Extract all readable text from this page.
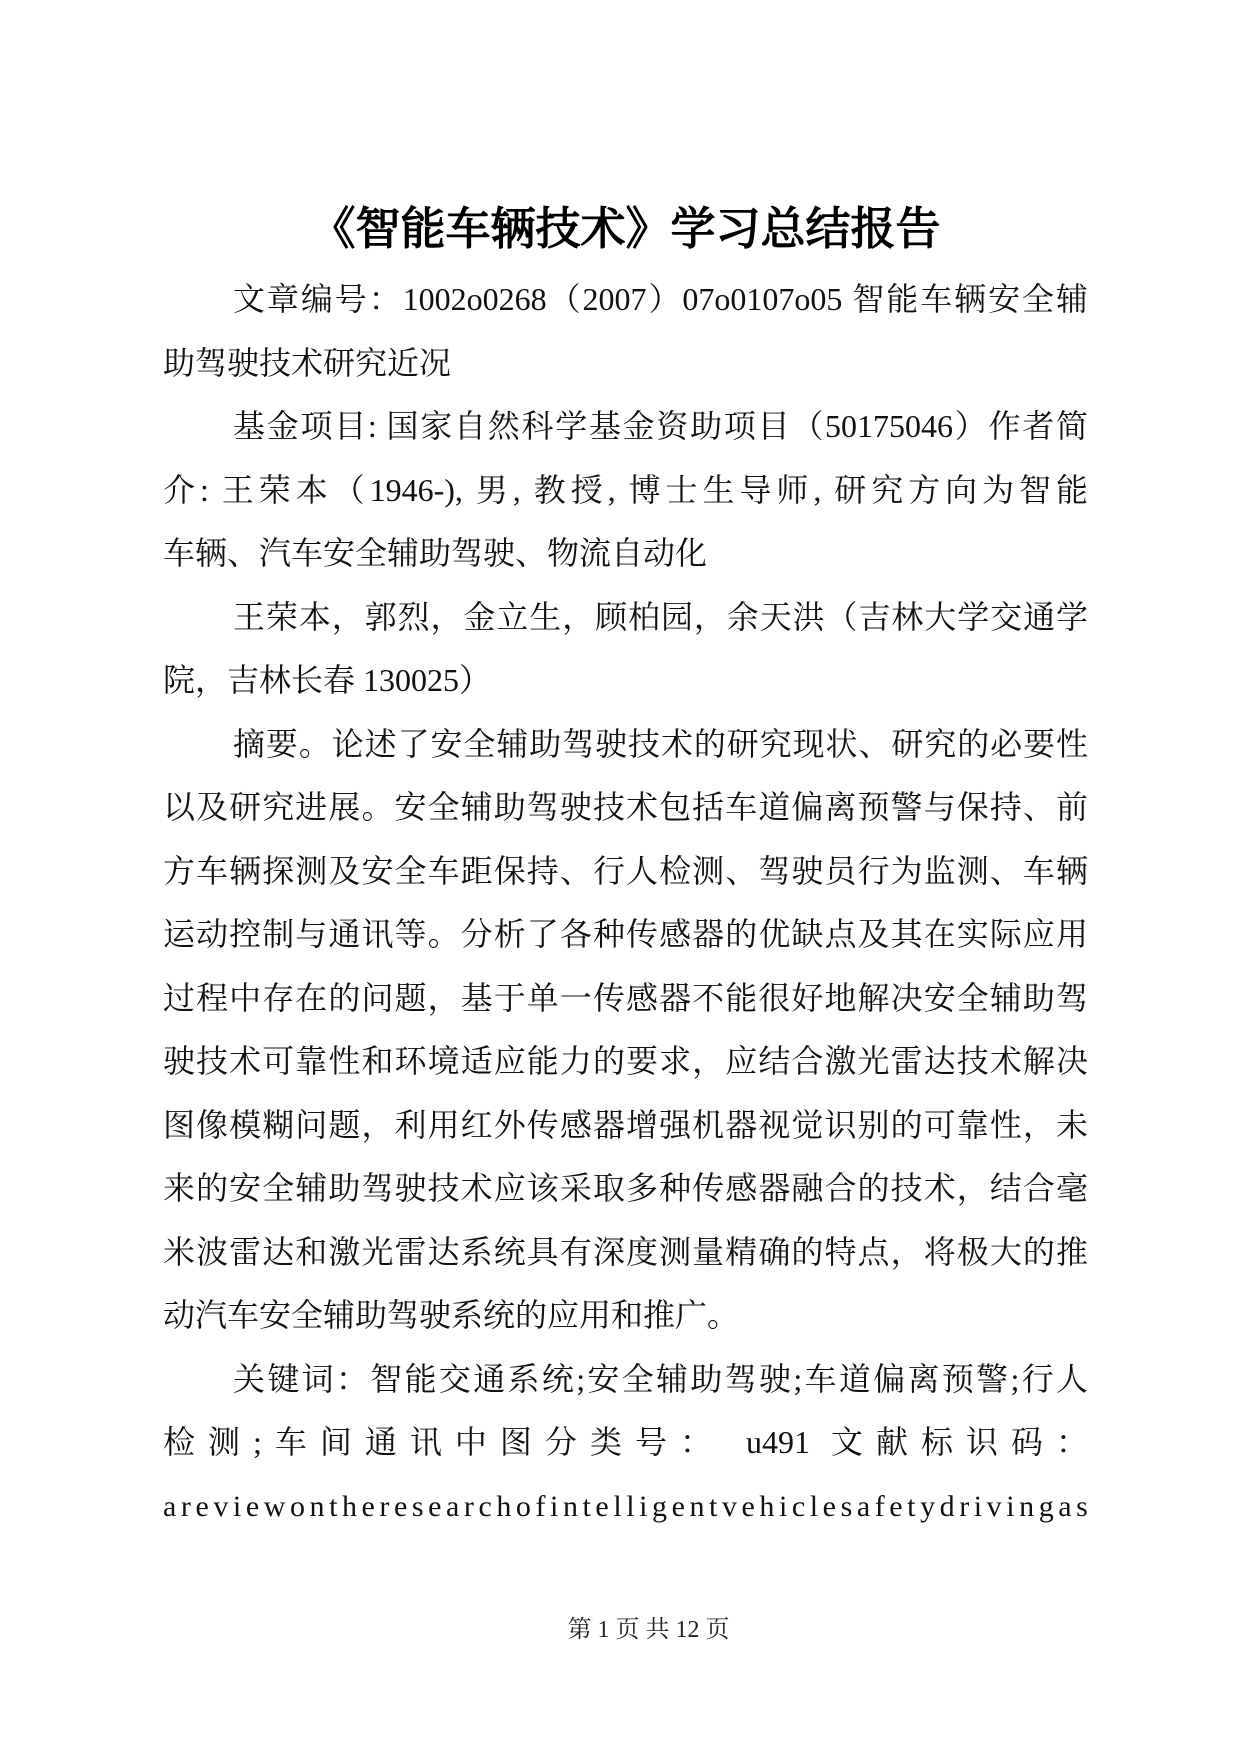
《智能车辆技术》学习总结报告
文章编号：1002o0268（2007）07o0107o05 智能车辆安全辅
助驾驶技术研究近况
基金项目: 国家自然科学基金资助项目（50175046）作者简
介: 王荣本（1946-), 男, 教授, 博士生导师, 研究方向为智能
车辆、汽车安全辅助驾驶、物流自动化
王荣本，郭烈，金立生，顾柏园，余天洪（吉林大学交通学
院，吉林长春 130025）
摘要。论述了安全辅助驾驶技术的研究现状、研究的必要性
以及研究进展。安全辅助驾驶技术包括车道偏离预警与保持、前
方车辆探测及安全车距保持、行人检测、驾驶员行为监测、车辆
运动控制与通讯等。分析了各种传感器的优缺点及其在实际应用
过程中存在的问题，基于单一传感器不能很好地解决安全辅助驾
驶技术可靠性和环境适应能力的要求，应结合激光雷达技术解决
图像模糊问题，利用红外传感器增强机器视觉识别的可靠性，未
来的安全辅助驾驶技术应该采取多种传感器融合的技术，结合毫
米波雷达和激光雷达系统具有深度测量精确的特点，将极大的推
动汽车安全辅助驾驶系统的应用和推广。
关键词：智能交通系统;安全辅助驾驶;车道偏离预警;行人
检测;车间通讯中图分类号： u491 文献标识码：
a r e v i e w o n t h e r e s e a r c h o f i n t e l l i g e n t v e h i c l e s a f e t y d r i v i n g a s
第 1 页 共 12 页
